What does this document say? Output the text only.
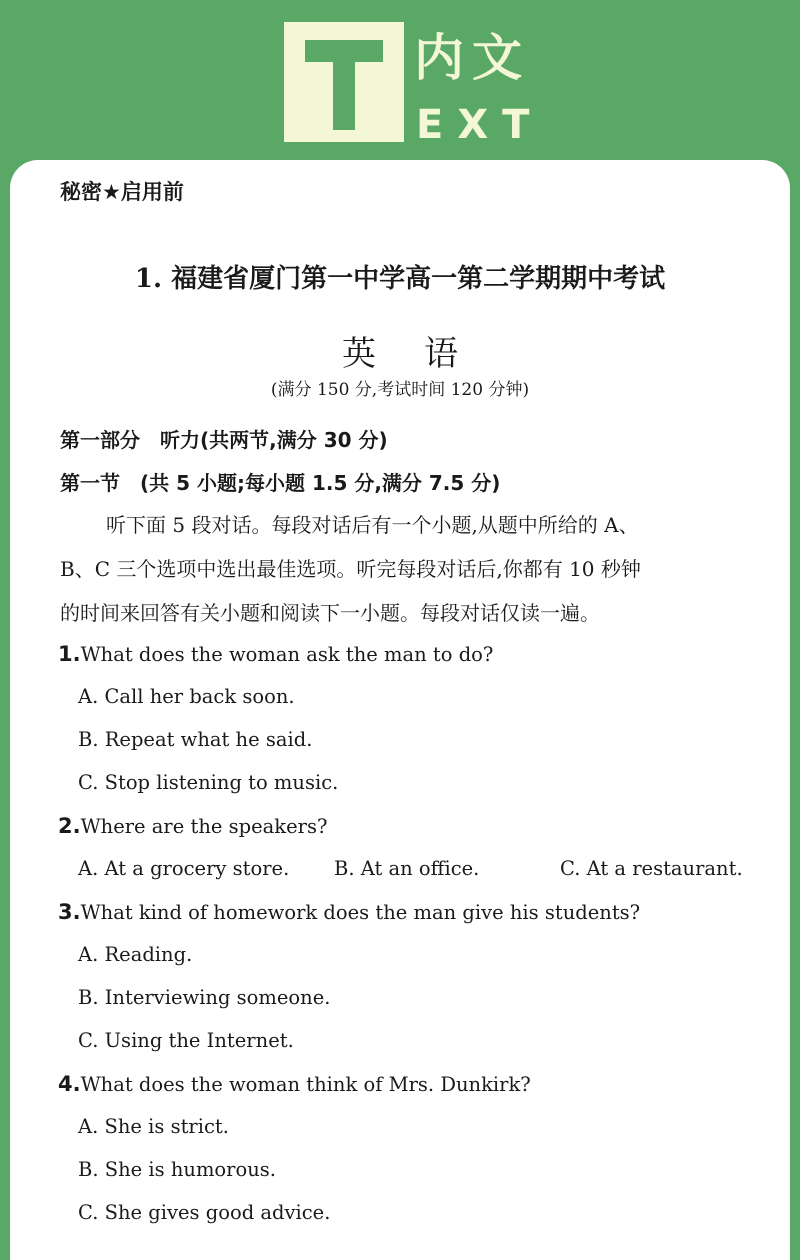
内文
EXT
秘密★启用前
1. 福建省厦门第一中学高一第二学期期中考试
英语
(满分 150 分,考试时间 120 分钟)
第一部分　听力(共两节,满分 30 分)
第一节　(共 5 小题;每小题 1.5 分,满分 7.5 分)
听下面 5 段对话。每段对话后有一个小题,从题中所给的 A、
B、C 三个选项中选出最佳选项。听完每段对话后,你都有 10 秒钟
的时间来回答有关小题和阅读下一小题。每段对话仅读一遍。
1.What does the woman ask the man to do?
A. Call her back soon.
B. Repeat what he said.
C. Stop listening to music.
2.Where are the speakers?
A. At a grocery store. B. At an office.	C. At a restaurant.
3.What kind of homework does the man give his students?
A. Reading.
B. Interviewing someone.
C. Using the Internet.
4.What does the woman think of Mrs. Dunkirk?
A. She is strict.
B. She is humorous.
C. She gives good advice.
